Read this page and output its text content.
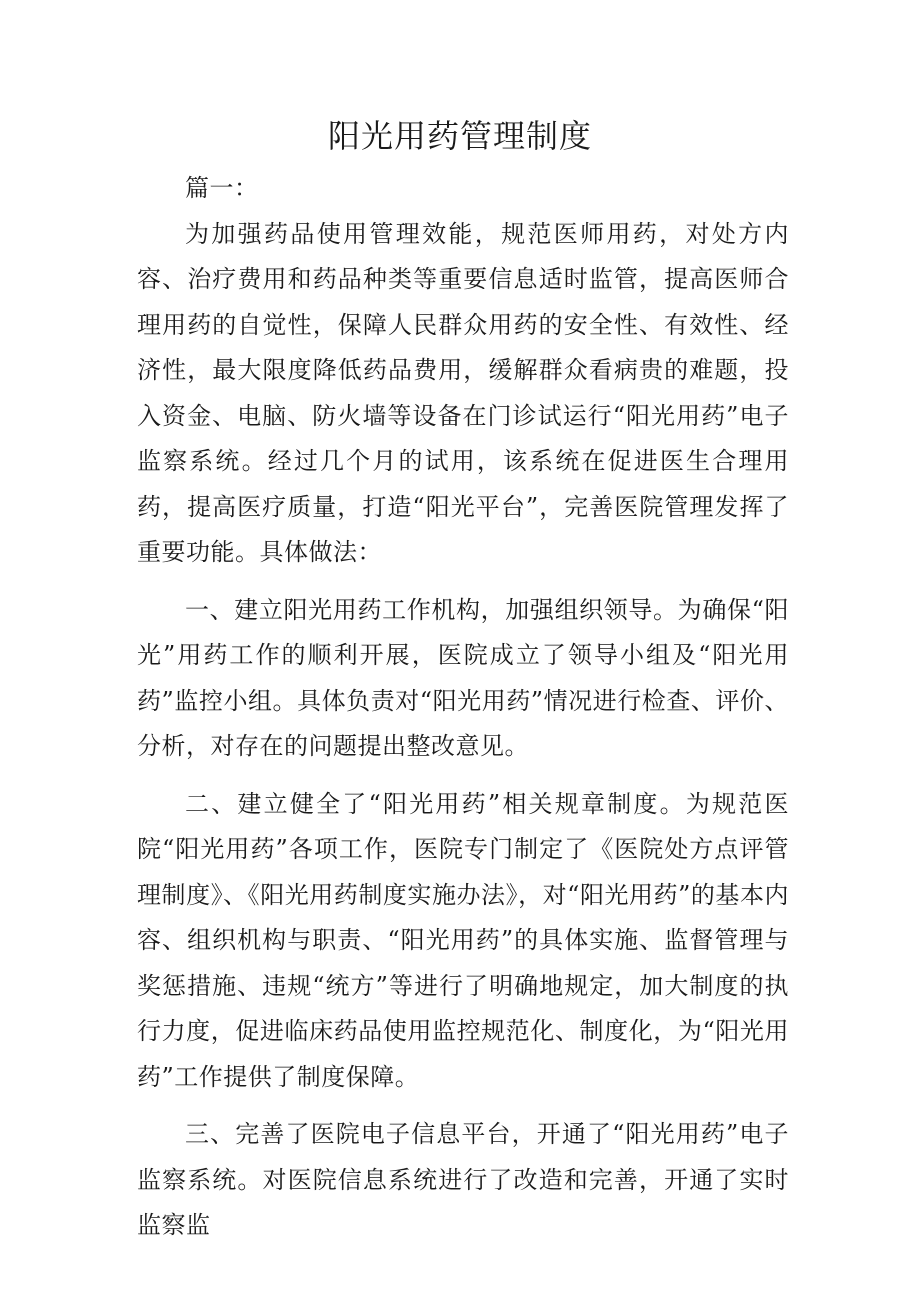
阳光用药管理制度

篇一：

为加强药品使用管理效能，规范医师用药，对处方内容、治疗费用和药品种类等重要信息适时监管，提高医师合理用药的自觉性，保障人民群众用药的安全性、有效性、经济性，最大限度降低药品费用，缓解群众看病贵的难题，投入资金、电脑、防火墙等设备在门诊试运行“阳光用药”电子监察系统。经过几个月的试用，该系统在促进医生合理用药，提高医疗质量，打造“阳光平台”，完善医院管理发挥了重要功能。具体做法：

一、建立阳光用药工作机构，加强组织领导。为确保“阳光”用药工作的顺利开展，医院成立了领导小组及“阳光用药”监控小组。具体负责对“阳光用药”情况进行检查、评价、分析，对存在的问题提出整改意见。

二、建立健全了“阳光用药”相关规章制度。为规范医院“阳光用药”各项工作，医院专门制定了《医院处方点评管理制度》、《阳光用药制度实施办法》，对“阳光用药”的基本内容、组织机构与职责、“阳光用药”的具体实施、监督管理与奖惩措施、违规“统方”等进行了明确地规定，加大制度的执行力度，促进临床药品使用监控规范化、制度化，为“阳光用药”工作提供了制度保障。

三、完善了医院电子信息平台，开通了“阳光用药”电子监察系统。对医院信息系统进行了改造和完善，开通了实时监察监
